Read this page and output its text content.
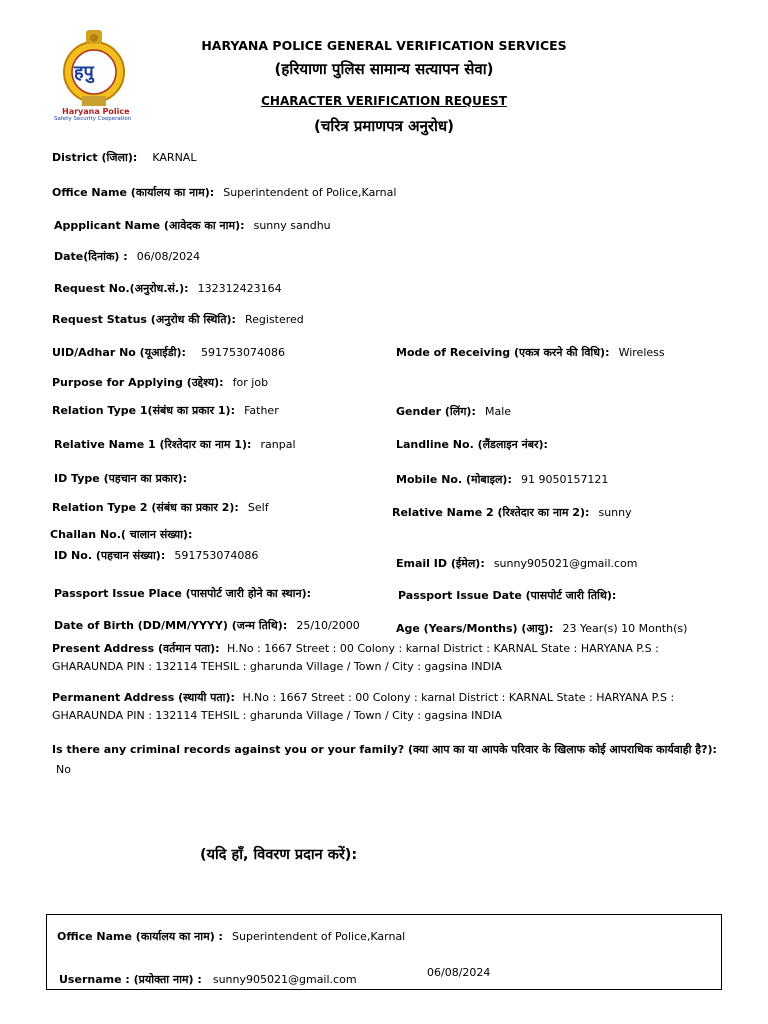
हपु
Haryana Police
Safety Security Cooperation
HARYANA POLICE GENERAL VERIFICATION SERVICES
(हरियाणा पुलिस सामान्य सत्यापन सेवा)
CHARACTER VERIFICATION REQUEST
(चरित्र प्रमाणपत्र अनुरोध)
District (जिला): KARNAL
Office Name (कार्यालय का नाम): Superintendent of Police,Karnal
Appplicant Name (आवेदक का नाम): sunny sandhu
Date(दिनांक) : 06/08/2024
Request No.(अनुरोध.सं.): 132312423164
Request Status (अनुरोध की स्थिति): Registered
UID/Adhar No (यूआईडी): 591753074086	Mode of Receiving (एकत्र करने की विधि): Wireless
Purpose for Applying (उद्देश्य): for job
Relation Type 1(संबंध का प्रकार 1): Father	Gender (लिंग): Male
Relative Name 1 (रिश्तेदार का नाम 1): ranpal	Landline No. (लैंडलाइन नंबर):
ID Type (पहचान का प्रकार):	Mobile No. (मोबाइल): 91 9050157121
Relation Type 2 (संबंध का प्रकार 2): Self	Relative Name 2 (रिश्तेदार का नाम 2): sunny
Challan No.( चालान संख्या):
ID No. (पहचान संख्या): 591753074086
Email ID (ईमेल): sunny905021@gmail.com
Passport Issue Place (पासपोर्ट जारी होने का स्थान):	Passport Issue Date (पासपोर्ट जारी तिथि):
Date of Birth (DD/MM/YYYY) (जन्म तिथि): 25/10/2000	Age (Years/Months) (आयु): 23 Year(s) 10 Month(s)
Present Address (वर्तमान पता): H.No : 1667 Street : 00 Colony : karnal District : KARNAL State : HARYANA P.S : GHARAUNDA PIN : 132114 TEHSIL : gharunda Village / Town / City : gagsina INDIA
Permanent Address (स्थायी पता): H.No : 1667 Street : 00 Colony : karnal District : KARNAL State : HARYANA P.S : GHARAUNDA PIN : 132114 TEHSIL : gharunda Village / Town / City : gagsina INDIA
Is there any criminal records against you or your family? (क्या आप का या आपके परिवार के खिलाफ कोई आपराधिक कार्यवाही है?): No
(यदि हाँ, विवरण प्रदान करें):
Office Name (कार्यालय का नाम) : Superintendent of Police,Karnal
Username : (प्रयोक्ता नाम) : sunny905021@gmail.com
06/08/2024
